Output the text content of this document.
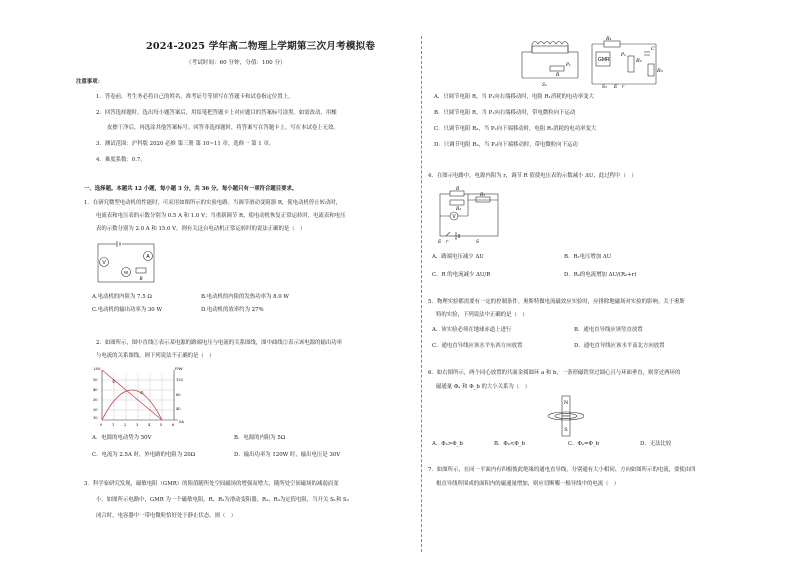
2024-2025 学年高二物理上学期第三次月考模拟卷
（考试时间：60 分钟，分值：100 分）
注意事项：
1．答卷前，考生务必将自己的姓名、准考证号等填写在答题卡和试卷指定位置上。
2．回答选择题时，选出每小题答案后，用铅笔把答题卡上对应题目的答案标号涂黑。如需改动，用橡
皮擦干净后，再选涂其他答案标号。回答非选择题时，将答案写在答题卡上。写在本试卷上无效。
3．测试范围：沪科版 2020 必修 第三册 第 10~11 章。选修一 第 1 章。
4．难度系数：0.7。
一、选择题。本题共 12 小题，每小题 3 分，共 36 分。每小题只有一项符合题目要求。
1．在研究微型电动机的性能时，可采用如图所示的实验电路。当调节滑动变阻器 R，使电动机停止转动时，
电流表和电压表的示数分别为 0.5 A 和 1.0 V；当重新调节 R，使电动机恢复正常运转时，电流表和电压
表的示数分别为 2.0 A 和 15.0 V。则有关这台电动机正常运转时的说法正确的是（　）
V
A
M
R
A.电动机的内阻为 7.5 Ω	B.电动机的内阻的发热功率为 8.0 W
C.电动机的输出功率为 30 W	D.电动机的效率约为 27%
2．如图所示，图中直线①表示某电源的路端电压与电流的关系图线，图中曲线②表示该电源的输出功率
与电流的关系图线，则下列说法不正确的是（　）
U/V	P/W
I/A
50
40
30
20
10
120
80
40
0	1	2	3	4	5	6
①
②
A．电源的电动势为 50V	B．电源的内阻为 5Ω
C．电流为 2.5A 时，外电路的电阻为 20Ω	D．输出功率为 120W 时，输出电压是 30V
3．科学家研究发现，磁敏电阻（GMR）的阻值随所处空间磁场的增强而增大，随所处空间磁场的减弱而变
小。如图所示电路中，GMR 为一个磁敏电阻，R、R₂为滑动变阻器，R₁、R₃为定值电阻，当开关 S₁和 S₂
闭合时，电容器中一带电微粒恰好处于静止状态。则（　）
GMR
R₁
R₂
R₃
C
P₂
P₁
R
S₁	S₂ E r
A．只调节电阻 R，当 P₁向右端移动时，电阻 R₁消耗的电功率变大
B．只调节电阻 R，当 P₁向右端移动时，带电微粒向下运动
C．只调节电阻 R₂，当 P₂向下端移动时，电阻 R₁消耗的电功率变大
D．只调节电阻 R₂，当 P₂向下端移动时，带电微粒向下运动
4．在图示电路中，电源内阻为 r，调节 R 值使电压表的示数减小 ΔU，此过程中（　）
V
R
R₁
R₂
E r	S
A．路端电压减少 ΔU	B．R₂电压增加 ΔU
C．R 的电流减少 ΔU/R	D．R₂的电流增加 ΔU/(R₂+r)
5．物理实验都需要有一定的控制条件。奥斯特做电流磁效应实验时，应排除地磁场对实验的影响。关于奥斯
特的实验，下列说法中正确的是（　）
A．该实验必须在地球赤道上进行	B．通电直导线应该竖直放置
C．通电直导线应该水平东西方向放置	D．通电直导线应该水平南北方向放置
6．如右图所示，两个同心放置的共面金属圆环 a 和 b，一条形磁铁穿过圆心且与环面垂直，则穿过两环的
磁通量 Φₐ 和 Φ_b 的大小关系为（　）
N
S
A．Φₐ>Φ_b	B．Φₐ<Φ_b	C．Φₐ=Φ_b	D．无法比较
7．如图所示，在同一平面内有四根彼此绝缘的通电直导线，分别通有大小相同、方向如图所示的电流，要使由四
根直导线所围成的面积内的磁通量增加，则应切断哪一根导线中的电流（　）
